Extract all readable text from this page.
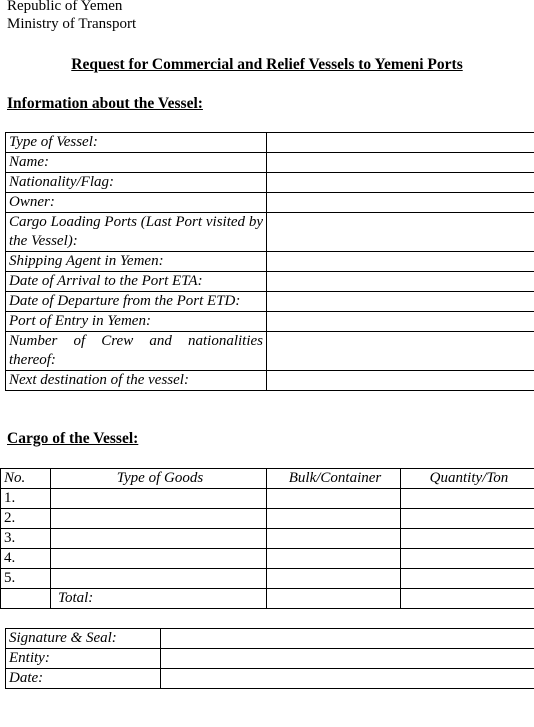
Republic of Yemen
Ministry of Transport
Request for Commercial and Relief Vessels to Yemeni Ports
Information about the Vessel:
Type of Vessel:	
Name:	
Nationality/Flag:	
Owner:	
Cargo Loading Ports (Last Port visited by the Vessel):	
Shipping Agent in Yemen:	
Date of Arrival to the Port ETA:	
Date of Departure from the Port ETD:	
Port of Entry in Yemen:	
Number of Crew and nationalities thereof:	
Next destination of the vessel:	
Cargo of the Vessel:
No.	Type of Goods	Bulk/Container	Quantity/Ton
1.			
2.			
3.			
4.			
5.			
	Total:		
Signature & Seal:	
Entity:	
Date:	
